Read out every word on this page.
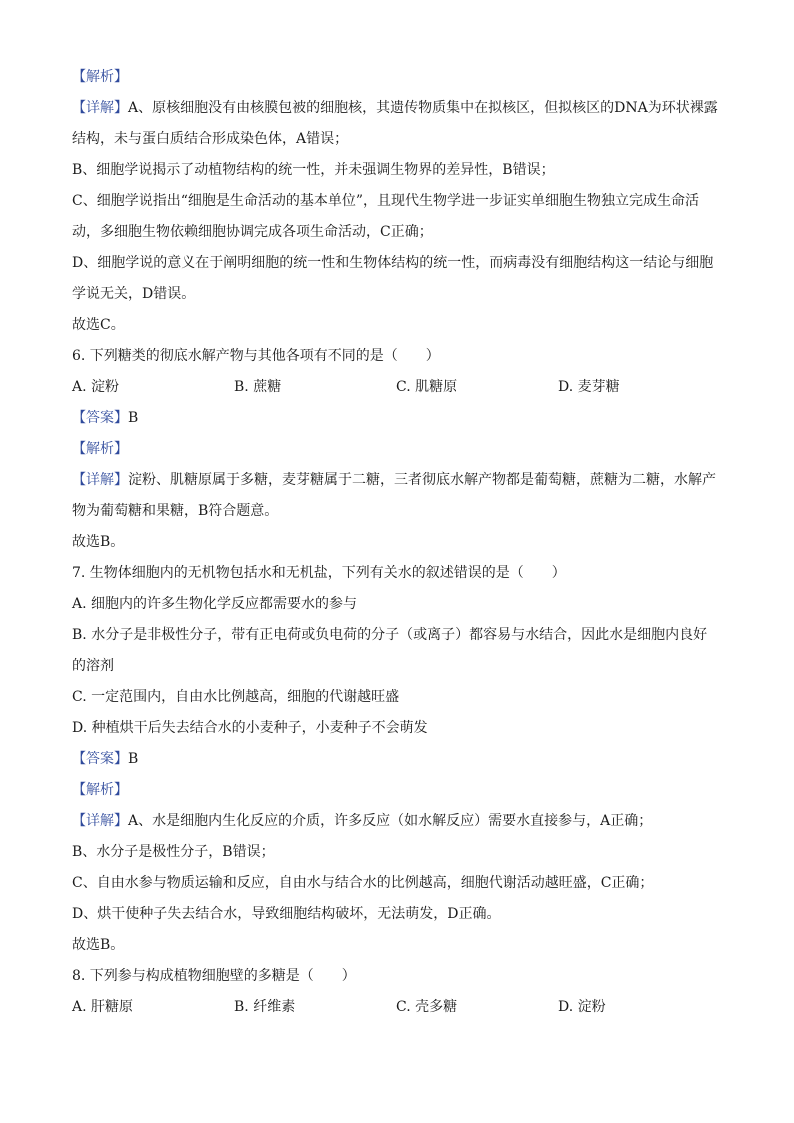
【解析】
【详解】A、原核细胞没有由核膜包被的细胞核，其遗传物质集中在拟核区，但拟核区的DNA为环状裸露
结构，未与蛋白质结合形成染色体，A错误；
B、细胞学说揭示了动植物结构的统一性，并未强调生物界的差异性，B错误；
C、细胞学说指出“细胞是生命活动的基本单位”，且现代生物学进一步证实单细胞生物独立完成生命活
动，多细胞生物依赖细胞协调完成各项生命活动，C正确；
D、细胞学说的意义在于阐明细胞的统一性和生物体结构的统一性，而病毒没有细胞结构这一结论与细胞
学说无关，D错误。
故选C。
6. 下列糖类的彻底水解产物与其他各项有不同的是（　　）
A. 淀粉	B. 蔗糖	C. 肌糖原	D. 麦芽糖
【答案】B
【解析】
【详解】淀粉、肌糖原属于多糖，麦芽糖属于二糖，三者彻底水解产物都是葡萄糖，蔗糖为二糖，水解产
物为葡萄糖和果糖，B符合题意。
故选B。
7. 生物体细胞内的无机物包括水和无机盐，下列有关水的叙述错误的是（　　）
A. 细胞内的许多生物化学反应都需要水的参与
B. 水分子是非极性分子，带有正电荷或负电荷的分子（或离子）都容易与水结合，因此水是细胞内良好
的溶剂
C. 一定范围内，自由水比例越高，细胞的代谢越旺盛
D. 种植烘干后失去结合水的小麦种子，小麦种子不会萌发
【答案】B
【解析】
【详解】A、水是细胞内生化反应的介质，许多反应（如水解反应）需要水直接参与，A正确；
B、水分子是极性分子，B错误；
C、自由水参与物质运输和反应，自由水与结合水的比例越高，细胞代谢活动越旺盛，C正确；
D、烘干使种子失去结合水，导致细胞结构破坏，无法萌发，D正确。
故选B。
8. 下列参与构成植物细胞壁的多糖是（　　）
A. 肝糖原	B. 纤维素	C. 壳多糖	D. 淀粉
